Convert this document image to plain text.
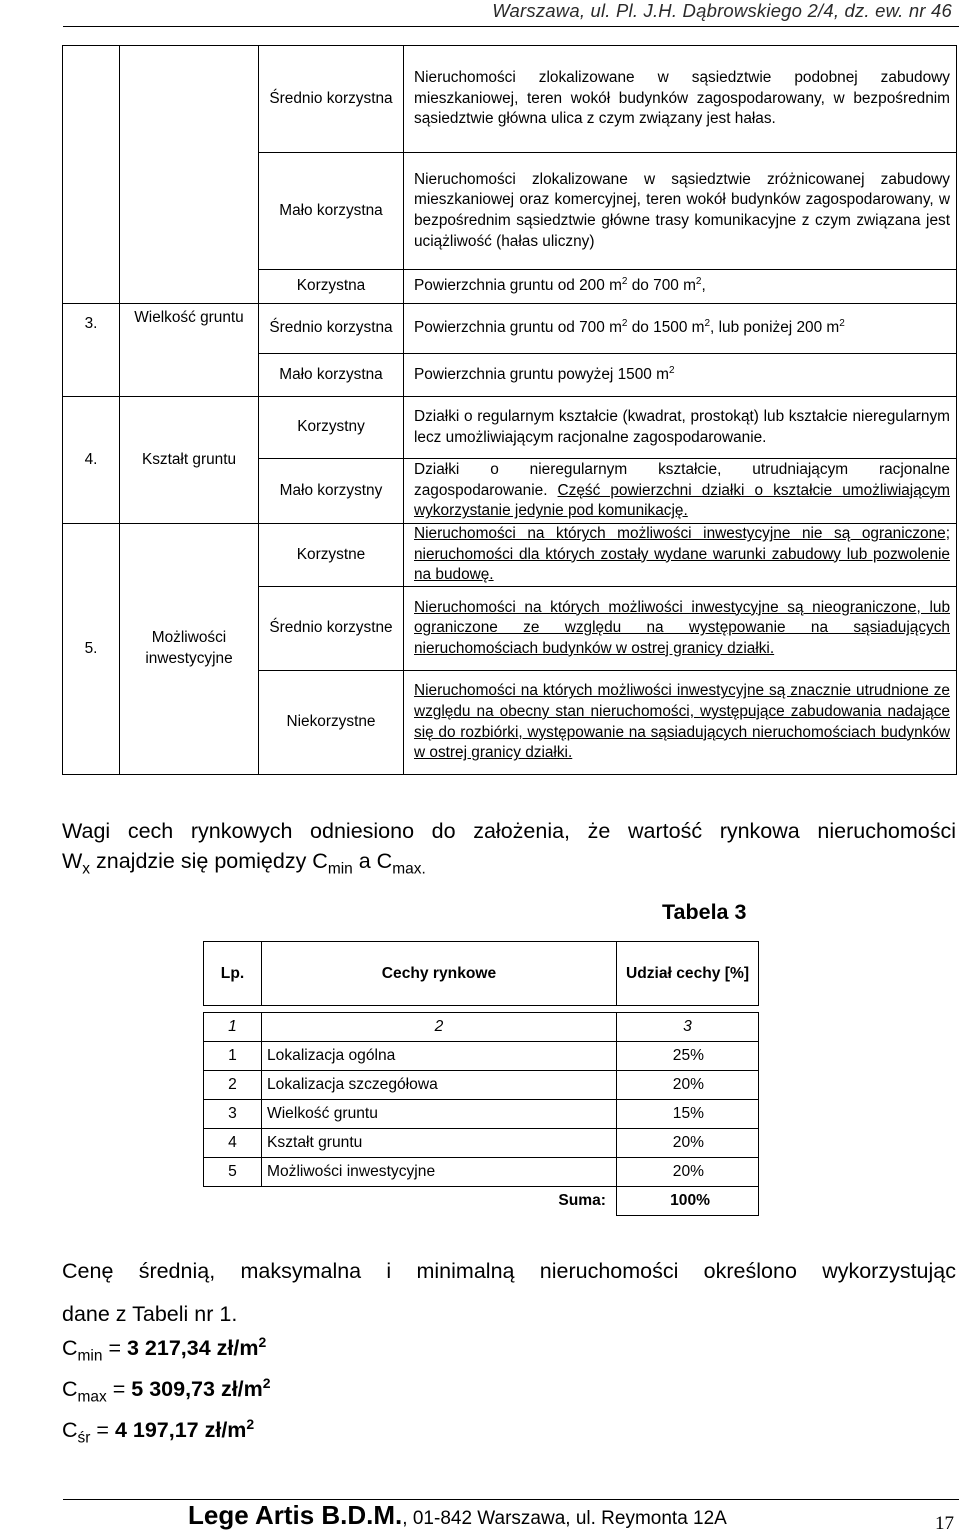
Warszawa, ul. Pl. J.H. Dąbrowskiego 2/4, dz. ew. nr 46
		Średnio korzystna	Nieruchomości zlokalizowane w sąsiedztwie podobnej zabudowy mieszkaniowej, teren wokół budynków zagospodarowany, w bezpośrednim sąsiedztwie główna ulica z czym związany jest hałas.

		Mało korzystna	Nieruchomości zlokalizowane w sąsiedztwie zróżnicowanej zabudowy mieszkaniowej oraz komercyjnej, teren wokół budynków zagospodarowany, w bezpośrednim sąsiedztwie główne trasy komunikacyjne z czym związana jest uciążliwość (hałas uliczny)

		Korzystna	Powierzchnia gruntu od 200 $m^2$ do 700 $m^2$,

3.	Wielkość gruntu	Średnio korzystna	Powierzchnia gruntu od 700 $m^2$ do 1500 $m^2$, lub poniżej 200 $m^2$

		Mało korzystna	Powierzchnia gruntu powyżej 1500 $m^2$

4.	Kształt gruntu	Korzystny	Działki o regularnym kształcie (kwadrat, prostokąt) lub kształcie nieregularnym lecz umożliwiającym racjonalne zagospodarowanie.

		Mało korzystny	Działki o nieregularnym kształcie, utrudniającym racjonalne zagospodarowanie. Część powierzchni działki o kształcie umożliwiającym wykorzystanie jedynie pod komunikację.

5.	Możliwości inwestycyjne	Korzystne	Nieruchomości na których możliwości inwestycyjne nie są ograniczone; nieruchomości dla których zostały wydane warunki zabudowy lub pozwolenie na budowę.

		Średnio korzystne	Nieruchomości na których możliwości inwestycyjne są nieograniczone, lub ograniczone ze względu na występowanie na sąsiadujących nieruchomościach budynków w ostrej granicy działki.

		Niekorzystne	Nieruchomości na których możliwości inwestycyjne są znacznie utrudnione ze względu na obecny stan nieruchomości, występujące zabudowania nadające się do rozbiórki, występowanie na sąsiadujących nieruchomościach budynków w ostrej granicy działki.

Wagi cech rynkowych odniesiono do założenia, że wartość rynkowa nieruchomości
$W_x$ znajdzie się pomiędzy $C_{min}$ a $C_{max.}$
Tabela 3
Lp.	Cechy rynkowe	Udział cechy [%]

1	2	3
1	Lokalizacja ogólna	25%
2	Lokalizacja szczegółowa	20%
3	Wielkość gruntu	15%
4	Kształt gruntu	20%
5	Możliwości inwestycyjne	20%
	Suma:	100%
Cenę średnią, maksymalna i minimalną nieruchomości określono wykorzystując
dane z Tabeli nr 1.
$C_{min} = 3$ 217,34 $zł/m^2$
$C_{max} = 5$ 309,73 $zł/m^2$
$C_{śr} = 4$ 197,17 $zł/m^2$
Lege Artis B.D.M., 01-842 Warszawa, ul. Reymonta 12A	17
